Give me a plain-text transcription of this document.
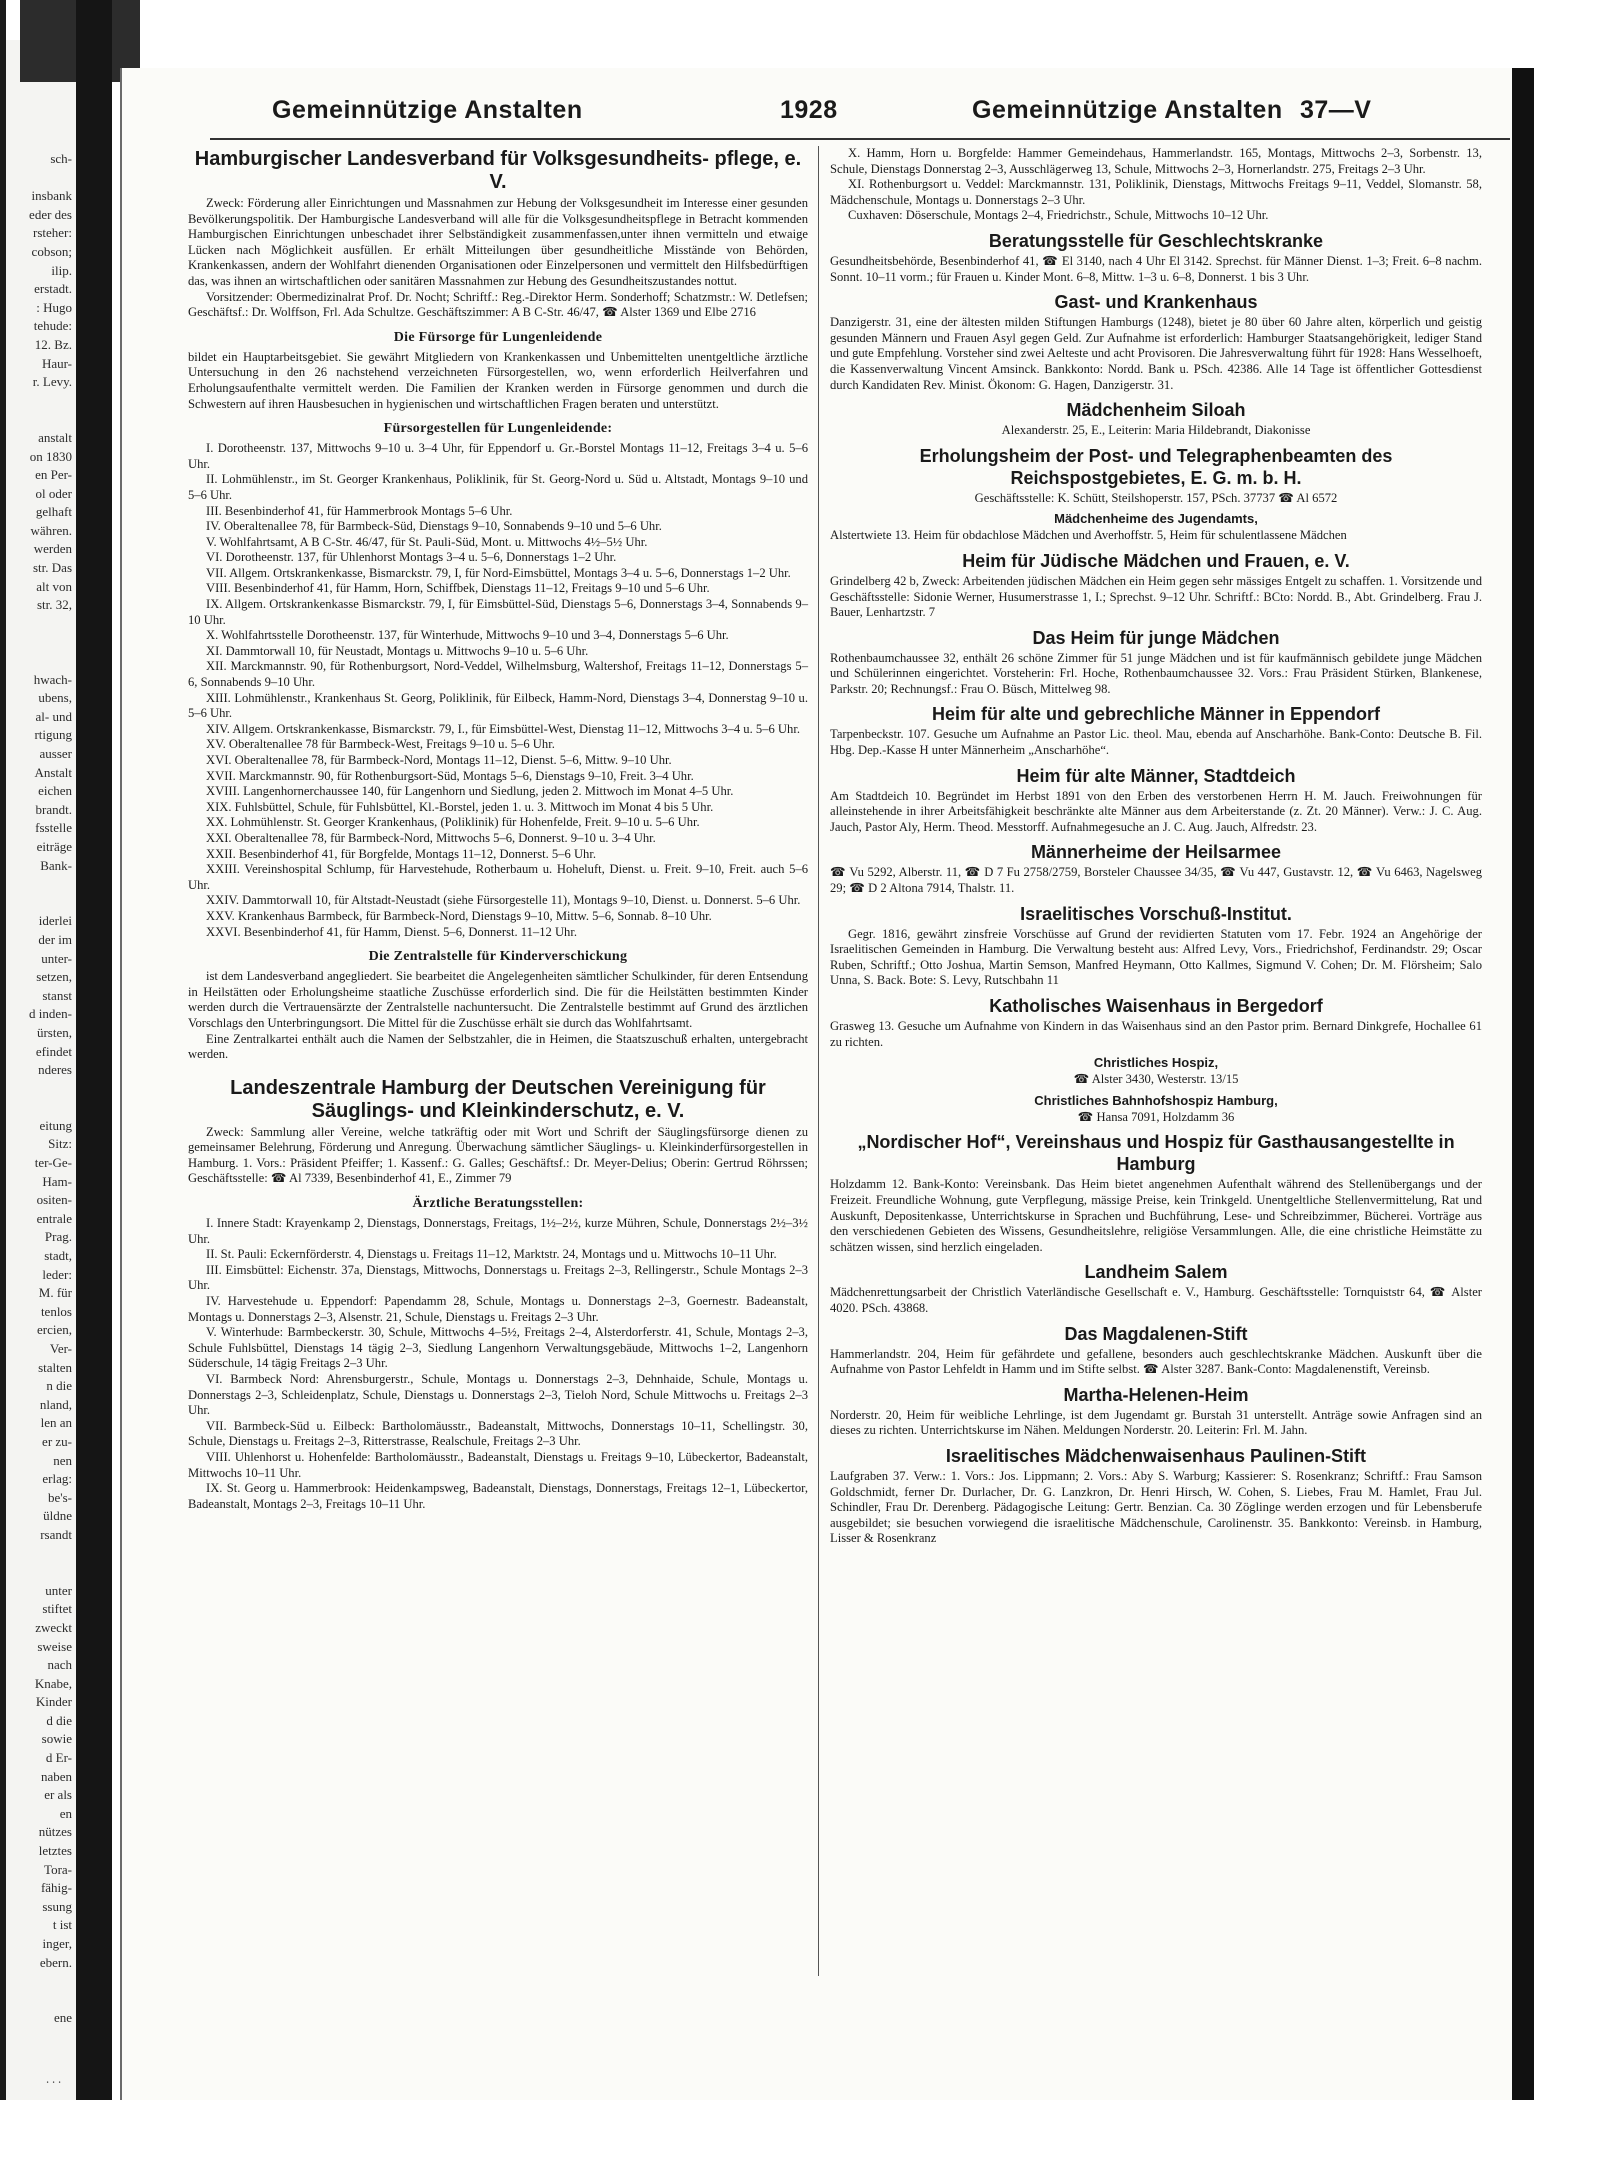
sch-

insbank
eder des
rsteher:
cobson;
ilip.
erstadt.
: Hugo
tehude:
12. Bz.
Haur-
r. Levy.

anstalt
on 1830
en Per-
ol oder
gelhaft
währen.
werden
str. Das
alt von
str. 32,

hwach-
ubens,
al- und
rtigung
ausser
Anstalt
eichen
brandt.
fsstelle
eiträge
Bank-

iderlei
der im
unter-
setzen,
stanst
d inden-
ürsten,
efindet
nderes

eitung
Sitz:
ter-Ge-
Ham-
ositen-
entrale
Prag.
stadt,
leder:
M. für
tenlos
ercien,
Ver-
stalten
n die
nland,
len an
er zu-
nen
erlag:
be's-
üldne
rsandt

unter
stiftet
zweckt
sweise
nach
Knabe,
Kinder
d die
sowie
d Er-
naben
er als
en
nützes
letztes
Tora-
fähig-
ssung
t ist
inger,
ebern.

ene
∙ ∙ ∙
Gemeinnützige Anstalten	1928	Gemeinnützige Anstalten 37—V
Hamburgischer Landesverband für Volksgesundheits- pflege, e. V.

Zweck: Förderung aller Einrichtungen und Massnahmen zur Hebung der Volksgesundheit im Interesse einer gesunden Bevölkerungspolitik. Der Hamburgische Landesverband will alle für die Volksgesundheitspflege in Betracht kommenden Hamburgischen Einrichtungen unbeschadet ihrer Selbständigkeit zusammenfassen,unter ihnen vermitteln und etwaige Lücken nach Möglichkeit ausfüllen. Er erhält Mitteilungen über gesundheitliche Misstände von Behörden, Krankenkassen, andern der Wohlfahrt dienenden Organisationen oder Einzelpersonen und vermittelt den Hilfsbedürftigen das, was ihnen an wirtschaftlichen oder sanitären Massnahmen zur Hebung des Gesundheitszustandes nottut.

Vorsitzender: Obermedizinalrat Prof. Dr. Nocht; Schriftf.: Reg.-Direktor Herm. Sonderhoff; Schatzmstr.: W. Detlefsen; Geschäftsf.: Dr. Wolffson, Frl. Ada Schultze. Geschäftszimmer: A B C-Str. 46/47, ☎ Alster 1369 und Elbe 2716

Die Fürsorge für Lungenleidende

bildet ein Hauptarbeitsgebiet. Sie gewährt Mitgliedern von Krankenkassen und Unbemittelten unentgeltliche ärztliche Untersuchung in den 26 nachstehend verzeichneten Fürsorgestellen, wo, wenn erforderlich Heilverfahren und Erholungsaufenthalte vermittelt werden. Die Familien der Kranken werden in Fürsorge genommen und durch die Schwestern auf ihren Hausbesuchen in hygienischen und wirtschaftlichen Fragen beraten und unterstützt.

Fürsorgestellen für Lungenleidende:

I. Dorotheenstr. 137, Mittwochs 9–10 u. 3–4 Uhr, für Eppendorf u. Gr.-Borstel Montags 11–12, Freitags 3–4 u. 5–6 Uhr.

II. Lohmühlenstr., im St. Georger Krankenhaus, Poliklinik, für St. Georg-Nord u. Süd u. Altstadt, Montags 9–10 und 5–6 Uhr.

III. Besenbinderhof 41, für Hammerbrook Montags 5–6 Uhr.

IV. Oberaltenallee 78, für Barmbeck-Süd, Dienstags 9–10, Sonnabends 9–10 und 5–6 Uhr.

V. Wohlfahrtsamt, A B C-Str. 46/47, für St. Pauli-Süd, Mont. u. Mittwochs 4½–5½ Uhr.

VI. Dorotheenstr. 137, für Uhlenhorst Montags 3–4 u. 5–6, Donnerstags 1–2 Uhr.

VII. Allgem. Ortskrankenkasse, Bismarckstr. 79, I, für Nord-Eimsbüttel, Montags 3–4 u. 5–6, Donnerstags 1–2 Uhr.

VIII. Besenbinderhof 41, für Hamm, Horn, Schiffbek, Dienstags 11–12, Freitags 9–10 und 5–6 Uhr.

IX. Allgem. Ortskrankenkasse Bismarckstr. 79, I, für Eimsbüttel-Süd, Dienstags 5–6, Donnerstags 3–4, Sonnabends 9–10 Uhr.

X. Wohlfahrtsstelle Dorotheenstr. 137, für Winterhude, Mittwochs 9–10 und 3–4, Donnerstags 5–6 Uhr.

XI. Dammtorwall 10, für Neustadt, Montags u. Mittwochs 9–10 u. 5–6 Uhr.

XII. Marckmannstr. 90, für Rothenburgsort, Nord-Veddel, Wilhelmsburg, Waltershof, Freitags 11–12, Donnerstags 5–6, Sonnabends 9–10 Uhr.

XIII. Lohmühlenstr., Krankenhaus St. Georg, Poliklinik, für Eilbeck, Hamm-Nord, Dienstags 3–4, Donnerstag 9–10 u. 5–6 Uhr.

XIV. Allgem. Ortskrankenkasse, Bismarckstr. 79, I., für Eimsbüttel-West, Dienstag 11–12, Mittwochs 3–4 u. 5–6 Uhr.

XV. Oberaltenallee 78 für Barmbeck-West, Freitags 9–10 u. 5–6 Uhr.

XVI. Oberaltenallee 78, für Barmbeck-Nord, Montags 11–12, Dienst. 5–6, Mittw. 9–10 Uhr.

XVII. Marckmannstr. 90, für Rothenburgsort-Süd, Montags 5–6, Dienstags 9–10, Freit. 3–4 Uhr.

XVIII. Langenhornerchaussee 140, für Langenhorn und Siedlung, jeden 2. Mittwoch im Monat 4–5 Uhr.

XIX. Fuhlsbüttel, Schule, für Fuhlsbüttel, Kl.-Borstel, jeden 1. u. 3. Mittwoch im Monat 4 bis 5 Uhr.

XX. Lohmühlenstr. St. Georger Krankenhaus, (Poliklinik) für Hohenfelde, Freit. 9–10 u. 5–6 Uhr.

XXI. Oberaltenallee 78, für Barmbeck-Nord, Mittwochs 5–6, Donnerst. 9–10 u. 3–4 Uhr.

XXII. Besenbinderhof 41, für Borgfelde, Montags 11–12, Donnerst. 5–6 Uhr.

XXIII. Vereinshospital Schlump, für Harvestehude, Rotherbaum u. Hoheluft, Dienst. u. Freit. 9–10, Freit. auch 5–6 Uhr.

XXIV. Dammtorwall 10, für Altstadt-Neustadt (siehe Fürsorgestelle 11), Montags 9–10, Dienst. u. Donnerst. 5–6 Uhr.

XXV. Krankenhaus Barmbeck, für Barmbeck-Nord, Dienstags 9–10, Mittw. 5–6, Sonnab. 8–10 Uhr.

XXVI. Besenbinderhof 41, für Hamm, Dienst. 5–6, Donnerst. 11–12 Uhr.

Die Zentralstelle für Kinderverschickung

ist dem Landesverband angegliedert. Sie bearbeitet die Angelegenheiten sämtlicher Schulkinder, für deren Entsendung in Heilstätten oder Erholungsheime staatliche Zuschüsse erforderlich sind. Die für die Heilstätten bestimmten Kinder werden durch die Vertrauensärzte der Zentralstelle nachuntersucht. Die Zentralstelle bestimmt auf Grund des ärztlichen Vorschlags den Unterbringungsort. Die Mittel für die Zuschüsse erhält sie durch das Wohlfahrtsamt.

Eine Zentralkartei enthält auch die Namen der Selbstzahler, die in Heimen, die Staatszuschuß erhalten, untergebracht werden.

Landeszentrale Hamburg der Deutschen Vereinigung für Säuglings- und Kleinkinderschutz, e. V.

Zweck: Sammlung aller Vereine, welche tatkräftig oder mit Wort und Schrift der Säuglingsfürsorge dienen zu gemeinsamer Belehrung, Förderung und Anregung. Überwachung sämtlicher Säuglings- u. Kleinkinderfürsorgestellen in Hamburg. 1. Vors.: Präsident Pfeiffer; 1. Kassenf.: G. Galles; Geschäftsf.: Dr. Meyer-Delius; Oberin: Gertrud Röhrssen; Geschäftsstelle: ☎ Al 7339, Besenbinderhof 41, E., Zimmer 79

Ärztliche Beratungsstellen:

I. Innere Stadt: Krayenkamp 2, Dienstags, Donnerstags, Freitags, 1½–2½, kurze Mühren, Schule, Donnerstags 2½–3½ Uhr.

II. St. Pauli: Eckernförderstr. 4, Dienstags u. Freitags 11–12, Marktstr. 24, Montags und u. Mittwochs 10–11 Uhr.

III. Eimsbüttel: Eichenstr. 37a, Dienstags, Mittwochs, Donnerstags u. Freitags 2–3, Rellingerstr., Schule Montags 2–3 Uhr.

IV. Harvestehude u. Eppendorf: Papendamm 28, Schule, Montags u. Donnerstags 2–3, Goernestr. Badeanstalt, Montags u. Donnerstags 2–3, Alsenstr. 21, Schule, Dienstags u. Freitags 2–3 Uhr.

V. Winterhude: Barmbeckerstr. 30, Schule, Mittwochs 4–5½, Freitags 2–4, Alsterdorferstr. 41, Schule, Montags 2–3, Schule Fuhlsbüttel, Dienstags 14 tägig 2–3, Siedlung Langenhorn Verwaltungsgebäude, Mittwochs 1–2, Langenhorn Süderschule, 14 tägig Freitags 2–3 Uhr.

VI. Barmbeck Nord: Ahrensburgerstr., Schule, Montags u. Donnerstags 2–3, Dehnhaide, Schule, Montags u. Donnerstags 2–3, Schleidenplatz, Schule, Dienstags u. Donnerstags 2–3, Tieloh Nord, Schule Mittwochs u. Freitags 2–3 Uhr.

VII. Barmbeck-Süd u. Eilbeck: Bartholomäusstr., Badeanstalt, Mittwochs, Donnerstags 10–11, Schellingstr. 30, Schule, Dienstags u. Freitags 2–3, Ritterstrasse, Realschule, Freitags 2–3 Uhr.

VIII. Uhlenhorst u. Hohenfelde: Bartholomäusstr., Badeanstalt, Dienstags u. Freitags 9–10, Lübeckertor, Badeanstalt, Mittwochs 10–11 Uhr.

IX. St. Georg u. Hammerbrook: Heidenkampsweg, Badeanstalt, Dienstags, Donnerstags, Freitags 12–1, Lübeckertor, Badeanstalt, Montags 2–3, Freitags 10–11 Uhr.

X. Hamm, Horn u. Borgfelde: Hammer Gemeindehaus, Hammerlandstr. 165, Montags, Mittwochs 2–3, Sorbenstr. 13, Schule, Dienstags Donnerstag 2–3, Ausschlägerweg 13, Schule, Mittwochs 2–3, Hornerlandstr. 275, Freitags 2–3 Uhr.

XI. Rothenburgsort u. Veddel: Marckmannstr. 131, Poliklinik, Dienstags, Mittwochs Freitags 9–11, Veddel, Slomanstr. 58, Mädchenschule, Montags u. Donnerstags 2–3 Uhr.

Cuxhaven: Döserschule, Montags 2–4, Friedrichstr., Schule, Mittwochs 10–12 Uhr.

Beratungsstelle für Geschlechtskranke

Gesundheitsbehörde, Besenbinderhof 41, ☎ El 3140, nach 4 Uhr El 3142. Sprechst. für Männer Dienst. 1–3; Freit. 6–8 nachm. Sonnt. 10–11 vorm.; für Frauen u. Kinder Mont. 6–8, Mittw. 1–3 u. 6–8, Donnerst. 1 bis 3 Uhr.

Gast- und Krankenhaus

Danzigerstr. 31, eine der ältesten milden Stiftungen Hamburgs (1248), bietet je 80 über 60 Jahre alten, körperlich und geistig gesunden Männern und Frauen Asyl gegen Geld. Zur Aufnahme ist erforderlich: Hamburger Staatsangehörigkeit, lediger Stand und gute Empfehlung. Vorsteher sind zwei Aelteste und acht Provisoren. Die Jahresverwaltung führt für 1928: Hans Wesselhoeft, die Kassenverwaltung Vincent Amsinck. Bankkonto: Nordd. Bank u. PSch. 42386. Alle 14 Tage ist öffentlicher Gottesdienst durch Kandidaten Rev. Minist. Ökonom: G. Hagen, Danzigerstr. 31.

Mädchenheim Siloah

Alexanderstr. 25, E., Leiterin: Maria Hildebrandt, Diakonisse

Erholungsheim der Post- und Telegraphenbeamten des Reichspostgebietes, E. G. m. b. H.

Geschäftsstelle: K. Schütt, Steilshoperstr. 157, PSch. 37737 ☎ Al 6572

Mädchenheime des Jugendamts,

Alstertwiete 13. Heim für obdachlose Mädchen und Averhoffstr. 5, Heim für schulentlassene Mädchen

Heim für Jüdische Mädchen und Frauen, e. V.

Grindelberg 42 b, Zweck: Arbeitenden jüdischen Mädchen ein Heim gegen sehr mässiges Entgelt zu schaffen. 1. Vorsitzende und Geschäftsstelle: Sidonie Werner, Husumerstrasse 1, I.; Sprechst. 9–12 Uhr. Schriftf.: BCto: Nordd. B., Abt. Grindelberg. Frau J. Bauer, Lenhartzstr. 7

Das Heim für junge Mädchen

Rothenbaumchaussee 32, enthält 26 schöne Zimmer für 51 junge Mädchen und ist für kaufmännisch gebildete junge Mädchen und Schülerinnen eingerichtet. Vorsteherin: Frl. Hoche, Rothenbaumchaussee 32. Vors.: Frau Präsident Stürken, Blankenese, Parkstr. 20; Rechnungsf.: Frau O. Büsch, Mittelweg 98.

Heim für alte und gebrechliche Männer in Eppendorf

Tarpenbeckstr. 107. Gesuche um Aufnahme an Pastor Lic. theol. Mau, ebenda auf Anscharhöhe. Bank-Conto: Deutsche B. Fil. Hbg. Dep.-Kasse H unter Männerheim „Anscharhöhe“.

Heim für alte Männer, Stadtdeich

Am Stadtdeich 10. Begründet im Herbst 1891 von den Erben des verstorbenen Herrn H. M. Jauch. Freiwohnungen für alleinstehende in ihrer Arbeitsfähigkeit beschränkte alte Männer aus dem Arbeiterstande (z. Zt. 20 Männer). Verw.: J. C. Aug. Jauch, Pastor Aly, Herm. Theod. Messtorff. Aufnahmegesuche an J. C. Aug. Jauch, Alfredstr. 23.

Männerheime der Heilsarmee

☎ Vu 5292, Alberstr. 11, ☎ D 7 Fu 2758/2759, Borsteler Chaussee 34/35, ☎ Vu 447, Gustavstr. 12, ☎ Vu 6463, Nagelsweg 29; ☎ D 2 Altona 7914, Thalstr. 11.

Israelitisches Vorschuß-Institut.

Gegr. 1816, gewährt zinsfreie Vorschüsse auf Grund der revidierten Statuten vom 17. Febr. 1924 an Angehörige der Israelitischen Gemeinden in Hamburg. Die Verwaltung besteht aus: Alfred Levy, Vors., Friedrichshof, Ferdinandstr. 29; Oscar Ruben, Schriftf.; Otto Joshua, Martin Semson, Manfred Heymann, Otto Kallmes, Sigmund V. Cohen; Dr. M. Flörsheim; Salo Unna, S. Back. Bote: S. Levy, Rutschbahn 11

Katholisches Waisenhaus in Bergedorf

Grasweg 13. Gesuche um Aufnahme von Kindern in das Waisenhaus sind an den Pastor prim. Bernard Dinkgrefe, Hochallee 61 zu richten.

Christliches Hospiz,

☎ Alster 3430, Westerstr. 13/15

Christliches Bahnhofshospiz Hamburg,

☎ Hansa 7091, Holzdamm 36

„Nordischer Hof“, Vereinshaus und Hospiz für Gasthausangestellte in Hamburg

Holzdamm 12. Bank-Konto: Vereinsbank. Das Heim bietet angenehmen Aufenthalt während des Stellenübergangs und der Freizeit. Freundliche Wohnung, gute Verpflegung, mässige Preise, kein Trinkgeld. Unentgeltliche Stellenvermittelung, Rat und Auskunft, Depositenkasse, Unterrichtskurse in Sprachen und Buchführung, Lese- und Schreibzimmer, Bücherei. Vorträge aus den verschiedenen Gebieten des Wissens, Gesundheitslehre, religiöse Versammlungen. Alle, die eine christliche Heimstätte zu schätzen wissen, sind herzlich eingeladen.

Landheim Salem

Mädchenrettungsarbeit der Christlich Vaterländische Gesellschaft e. V., Hamburg. Geschäftsstelle: Tornquiststr 64, ☎ Alster 4020. PSch. 43868.

Das Magdalenen-Stift

Hammerlandstr. 204, Heim für gefährdete und gefallene, besonders auch geschlechtskranke Mädchen. Auskunft über die Aufnahme von Pastor Lehfeldt in Hamm und im Stifte selbst. ☎ Alster 3287. Bank-Conto: Magdalenenstift, Vereinsb.

Martha-Helenen-Heim

Norderstr. 20, Heim für weibliche Lehrlinge, ist dem Jugendamt gr. Burstah 31 unterstellt. Anträge sowie Anfragen sind an dieses zu richten. Unterrichtskurse im Nähen. Meldungen Norderstr. 20. Leiterin: Frl. M. Jahn.

Israelitisches Mädchenwaisenhaus Paulinen-Stift

Laufgraben 37. Verw.: 1. Vors.: Jos. Lippmann; 2. Vors.: Aby S. Warburg; Kassierer: S. Rosenkranz; Schriftf.: Frau Samson Goldschmidt, ferner Dr. Durlacher, Dr. G. Lanzkron, Dr. Henri Hirsch, W. Cohen, S. Liebes, Frau M. Hamlet, Frau Jul. Schindler, Frau Dr. Derenberg. Pädagogische Leitung: Gertr. Benzian. Ca. 30 Zöglinge werden erzogen und für Lebensberufe ausgebildet; sie besuchen vorwiegend die israelitische Mädchenschule, Carolinenstr. 35. Bankkonto: Vereinsb. in Hamburg, Lisser & Rosenkranz
